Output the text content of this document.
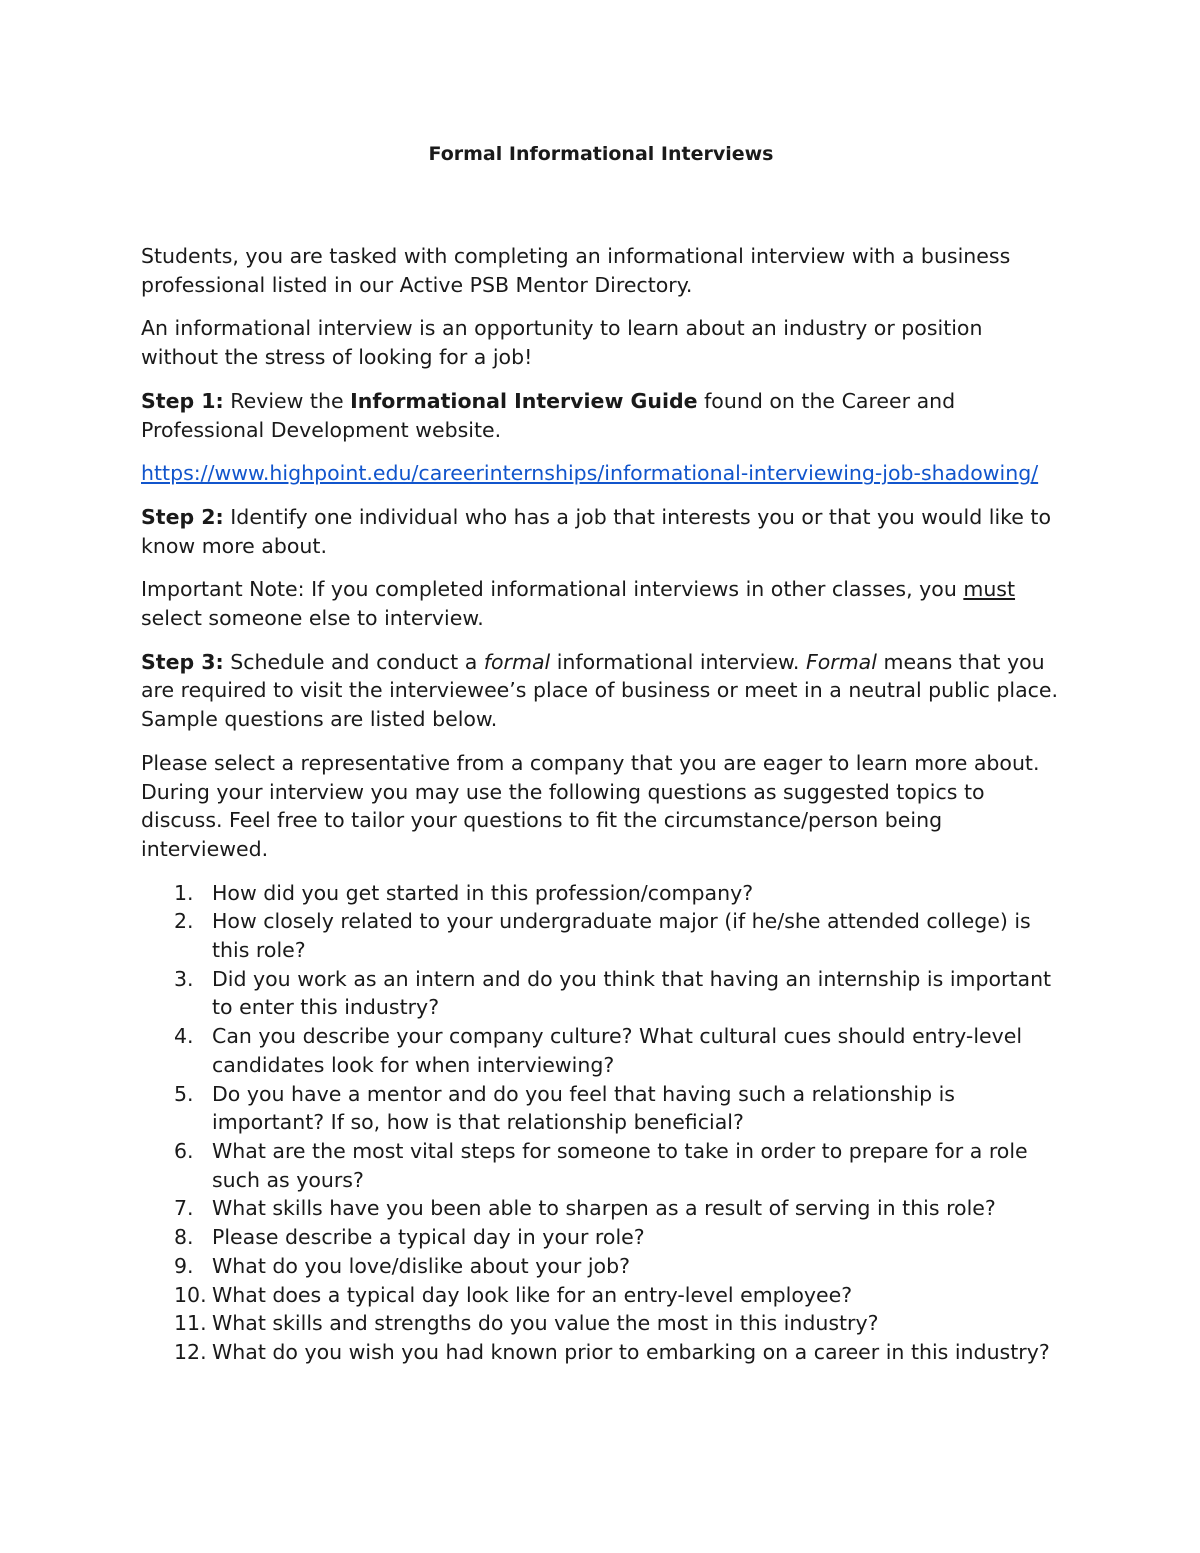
Formal Informational Interviews

Students, you are tasked with completing an informational interview with a business professional listed in our Active PSB Mentor Directory.

An informational interview is an opportunity to learn about an industry or position without the stress of looking for a job!

Step 1: Review the Informational Interview Guide found on the Career and Professional Development website.

https://www.highpoint.edu/careerinternships/informational-interviewing-job-shadowing/

Step 2: Identify one individual who has a job that interests you or that you would like to know more about.

Important Note: If you completed informational interviews in other classes, you must select someone else to interview.

Step 3: Schedule and conduct a formal informational interview. Formal means that you are required to visit the interviewee’s place of business or meet in a neutral public place. Sample questions are listed below.

Please select a representative from a company that you are eager to learn more about. During your interview you may use the following questions as suggested topics to discuss. Feel free to tailor your questions to fit the circumstance/person being interviewed.

1. How did you get started in this profession/company?
2. How closely related to your undergraduate major (if he/she attended college) is this role?
3. Did you work as an intern and do you think that having an internship is important to enter this industry?
4. Can you describe your company culture? What cultural cues should entry-level candidates look for when interviewing?
5. Do you have a mentor and do you feel that having such a relationship is important? If so, how is that relationship beneficial?
6. What are the most vital steps for someone to take in order to prepare for a role such as yours?
7. What skills have you been able to sharpen as a result of serving in this role?
8. Please describe a typical day in your role?
9. What do you love/dislike about your job?
10. What does a typical day look like for an entry-level employee?
11. What skills and strengths do you value the most in this industry?
12. What do you wish you had known prior to embarking on a career in this industry?
